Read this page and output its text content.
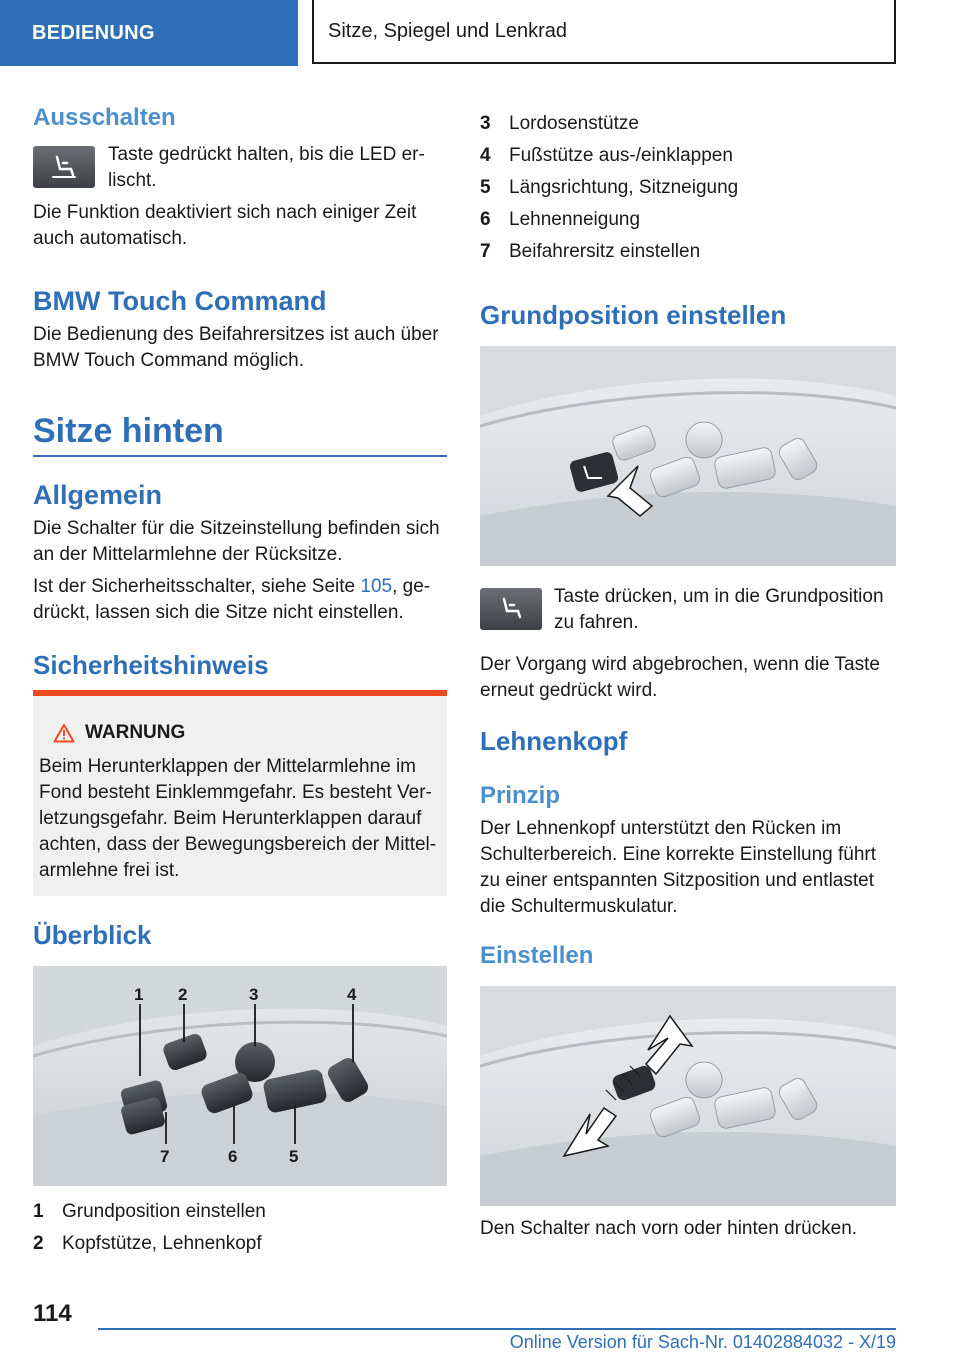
BEDIENUNG	Sitze, Spiegel und Lenkrad
Ausschalten

Taste gedrückt halten, bis die LED er-
lischt.

Die Funktion deaktiviert sich nach einiger Zeit
auch automatisch.

BMW Touch Command

Die Bedienung des Beifahrersitzes ist auch über
BMW Touch Command möglich.

Sitze hinten
Allgemein

Die Schalter für die Sitzeinstellung befinden sich
an der Mittelarmlehne der Rücksitze.

Ist der Sicherheitsschalter, siehe Seite 105, ge-
drückt, lassen sich die Sitze nicht einstellen.

Sicherheitshinweis
WARNUNG

Beim Herunterklappen der Mittelarmlehne im
Fond besteht Einklemmgefahr. Es besteht Ver-
letzungsgefahr. Beim Herunterklappen darauf
achten, dass der Bewegungsbereich der Mittel-
armlehne frei ist.

Überblick
1 2	3	4
7	6	5
1 Grundposition einstellen
2 Kopfstütze, Lehnenkopf
3 Lordosenstütze
4 Fußstütze aus-/einklappen
5 Längsrichtung, Sitzneigung
6 Lehnenneigung
7 Beifahrersitz einstellen
Grundposition einstellen

Taste drücken, um in die Grundposition
zu fahren.

Der Vorgang wird abgebrochen, wenn die Taste
erneut gedrückt wird.

Lehnenkopf
Prinzip

Der Lehnenkopf unterstützt den Rücken im
Schulterbereich. Eine korrekte Einstellung führt
zu einer entspannten Sitzposition und entlastet
die Schultermuskulatur.

Einstellen

Den Schalter nach vorn oder hinten drücken.

114
Online Version für Sach-Nr. 01402884032 - X/19
